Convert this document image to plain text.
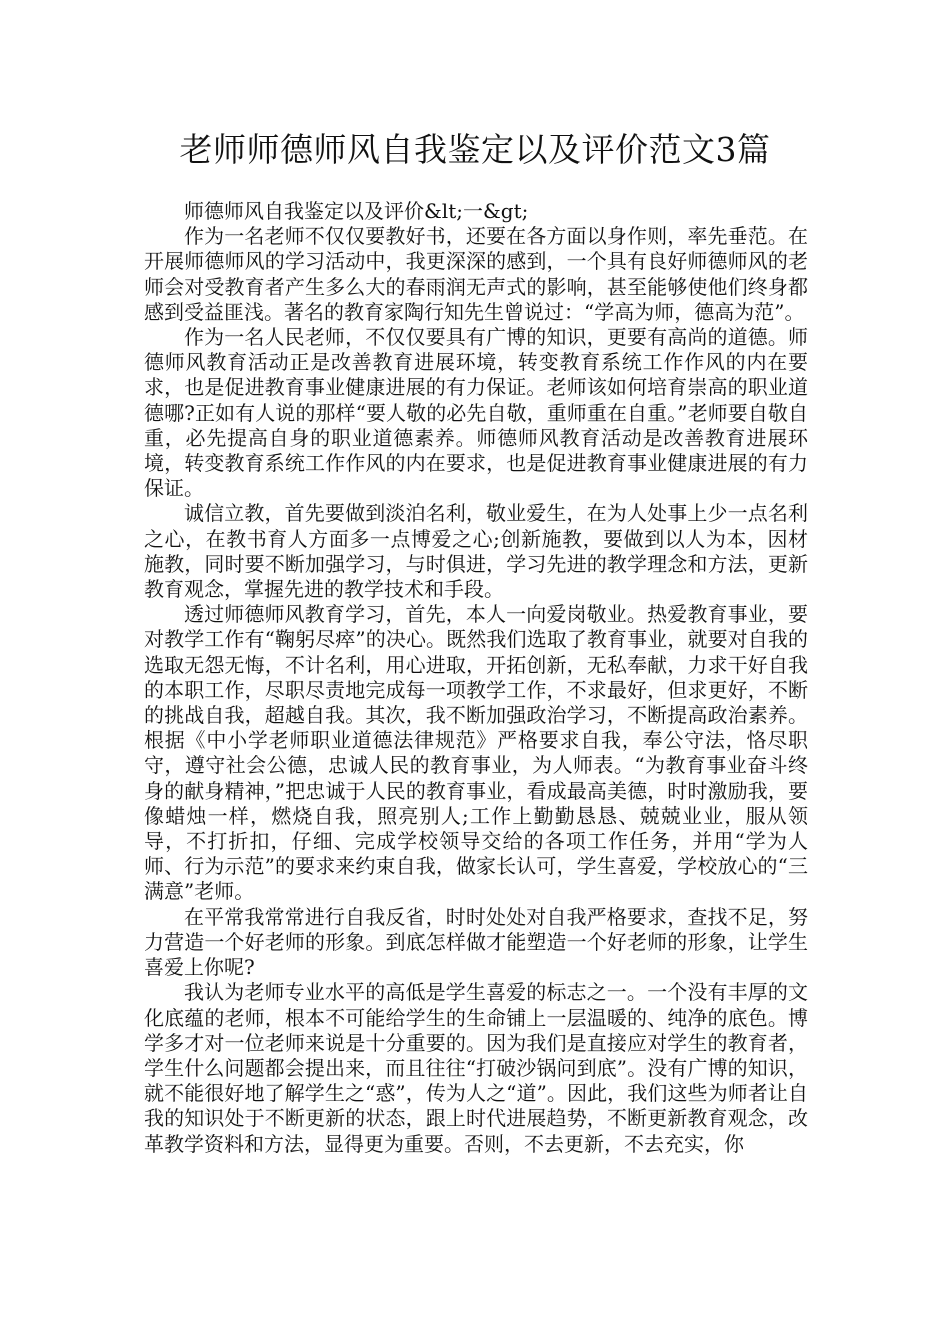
老师师德师风自我鉴定以及评价范文3篇

师德师风自我鉴定以及评价&lt;一&gt;

作为一名老师不仅仅要教好书，还要在各方面以身作则，率先垂范。在开展师德师风的学习活动中，我更深深的感到，一个具有良好师德师风的老师会对受教育者产生多么大的春雨润无声式的影响，甚至能够使他们终身都感到受益匪浅。著名的教育家陶行知先生曾说过：“学高为师，德高为范”。

作为一名人民老师，不仅仅要具有广博的知识，更要有高尚的道德。师德师风教育活动正是改善教育进展环境，转变教育系统工作作风的内在要求，也是促进教育事业健康进展的有力保证。老师该如何培育崇高的职业道德哪?正如有人说的那样“要人敬的必先自敬，重师重在自重。”老师要自敬自重，必先提高自身的职业道德素养。师德师风教育活动是改善教育进展环境，转变教育系统工作作风的内在要求，也是促进教育事业健康进展的有力保证。

诚信立教，首先要做到淡泊名利，敬业爱生，在为人处事上少一点名利之心，在教书育人方面多一点博爱之心;创新施教，要做到以人为本，因材施教，同时要不断加强学习，与时俱进，学习先进的教学理念和方法，更新教育观念，掌握先进的教学技术和手段。

透过师德师风教育学习，首先，本人一向爱岗敬业。热爱教育事业，要对教学工作有“鞠躬尽瘁”的决心。既然我们选取了教育事业，就要对自我的选取无怨无悔，不计名利，用心进取，开拓创新，无私奉献，力求干好自我的本职工作，尽职尽责地完成每一项教学工作，不求最好，但求更好，不断的挑战自我，超越自我。其次，我不断加强政治学习，不断提高政治素养。根据《中小学老师职业道德法律规范》严格要求自我，奉公守法，恪尽职守，遵守社会公德，忠诚人民的教育事业，为人师表。“为教育事业奋斗终身的献身精神，”把忠诚于人民的教育事业，看成最高美德，时时激励我，要像蜡烛一样，燃烧自我，照亮别人;工作上勤勤恳恳、兢兢业业，服从领导，不打折扣，仔细、完成学校领导交给的各项工作任务，并用“学为人师、行为示范”的要求来约束自我，做家长认可，学生喜爱，学校放心的“三满意”老师。

在平常我常常进行自我反省，时时处处对自我严格要求，查找不足，努力营造一个好老师的形象。到底怎样做才能塑造一个好老师的形象，让学生喜爱上你呢?

我认为老师专业水平的高低是学生喜爱的标志之一。一个没有丰厚的文化底蕴的老师，根本不可能给学生的生命铺上一层温暖的、纯净的底色。博学多才对一位老师来说是十分重要的。因为我们是直接应对学生的教育者，学生什么问题都会提出来，而且往往“打破沙锅问到底”。没有广博的知识，就不能很好地了解学生之“惑”，传为人之“道”。因此，我们这些为师者让自我的知识处于不断更新的状态，跟上时代进展趋势，不断更新教育观念，改革教学资料和方法，显得更为重要。否则，不去更新，不去充实，你
